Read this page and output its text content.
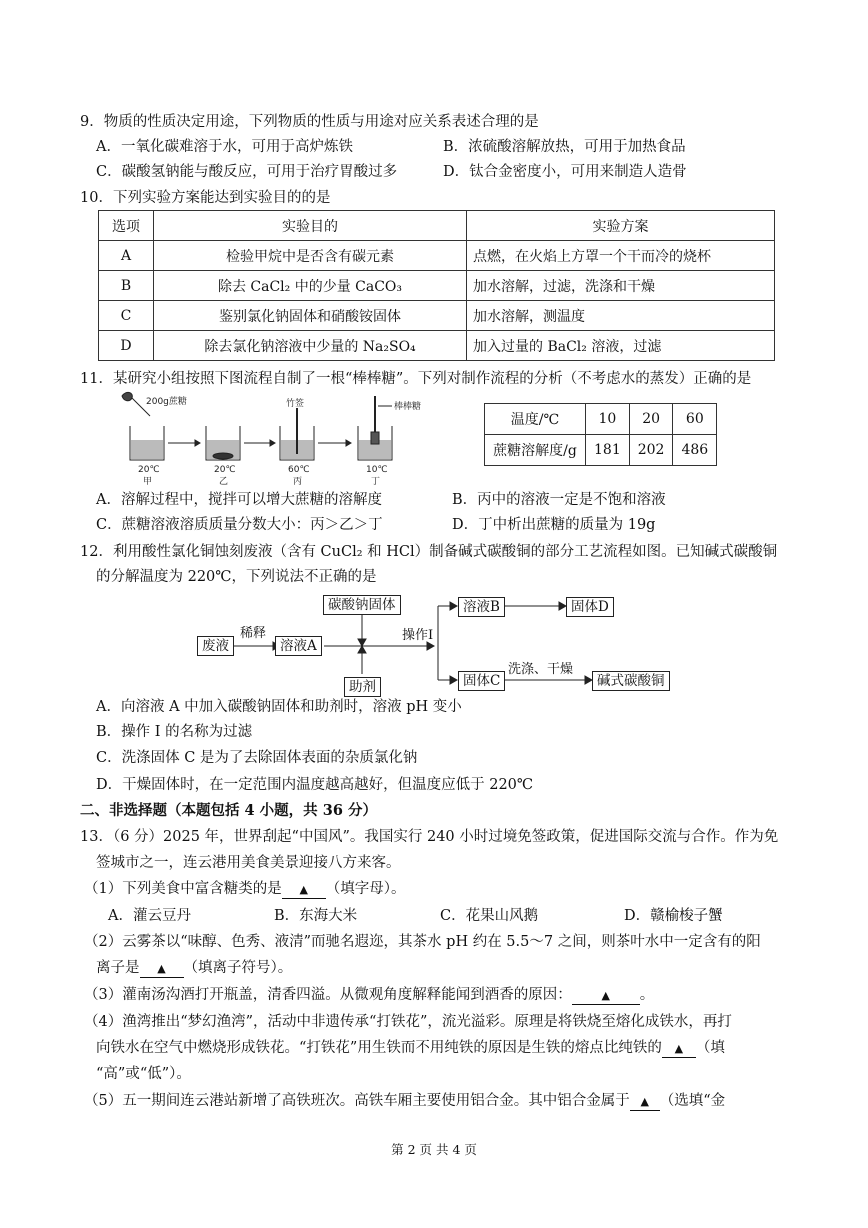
9．物质的性质决定用途，下列物质的性质与用途对应关系表述合理的是
A．一氧化碳难溶于水，可用于高炉炼铁	B．浓硫酸溶解放热，可用于加热食品
C．碳酸氢钠能与酸反应，可用于治疗胃酸过多	D．钛合金密度小，可用来制造人造骨
10．下列实验方案能达到实验目的的是
选项	实验目的	实验方案
A	检验甲烷中是否含有碳元素	点燃，在火焰上方罩一个干而冷的烧杯
B	除去 CaCl₂ 中的少量 CaCO₃	加水溶解，过滤，洗涤和干燥
C	鉴别氯化钠固体和硝酸铵固体	加水溶解，测温度
D	除去氯化钠溶液中少量的 Na₂SO₄	加入过量的 BaCl₂ 溶液，过滤
11．某研究小组按照下图流程自制了一根“棒棒糖”。下列对制作流程的分析（不考虑水的蒸发）正确的是
200g蔗糖	竹签	棒棒糖
20℃	20℃	60℃	10℃
甲	乙	丙	丁
温度/℃	10	20	60
蔗糖溶解度/g	181	202	486
A．溶解过程中，搅拌可以增大蔗糖的溶解度	B．丙中的溶液一定是不饱和溶液
C．蔗糖溶液溶质质量分数大小：丙＞乙＞丁	D．丁中析出蔗糖的质量为 19g
12．利用酸性氯化铜蚀刻废液（含有 CuCl₂ 和 HCl）制备碱式碳酸铜的部分工艺流程如图。已知碱式碳酸铜
的分解温度为 220℃，下列说法不正确的是
废液
稀释
溶液A
碳酸钠固体
助剂
操作Ⅰ
溶液B	固体D
固体C
洗涤、干燥
碱式碳酸铜
A．向溶液 A 中加入碳酸钠固体和助剂时，溶液 pH 变小
B．操作 I 的名称为过滤
C．洗涤固体 C 是为了去除固体表面的杂质氯化钠
D．干燥固体时，在一定范围内温度越高越好，但温度应低于 220℃
二、非选择题（本题包括 4 小题，共 36 分）
13．（6 分）2025 年，世界刮起“中国风”。我国实行 240 小时过境免签政策，促进国际交流与合作。作为免
签城市之一，连云港用美食美景迎接八方来客。
（1）下列美食中富含糖类的是 ▲ （填字母）。
A．灌云豆丹	B．东海大米	C．花果山风鹅	D．赣榆梭子蟹
（2）云雾茶以“味醇、色秀、液清”而驰名遐迩，其茶水 pH 约在 5.5～7 之间，则茶叶水中一定含有的阳
离子是 ▲ （填离子符号）。
（3）灌南汤沟酒打开瓶盖，清香四溢。从微观角度解释能闻到酒香的原因：	▲ 。
（4）渔湾推出“梦幻渔湾”，活动中非遗传承“打铁花”，流光溢彩。原理是将铁烧至熔化成铁水，再打
向铁水在空气中燃烧形成铁花。“打铁花”用生铁而不用纯铁的原因是生铁的熔点比纯铁的 ▲ （填
“高”或“低”）。
（5）五一期间连云港站新增了高铁班次。高铁车厢主要使用铝合金。其中铝合金属于 ▲ （选填“金
第 2 页 共 4 页
